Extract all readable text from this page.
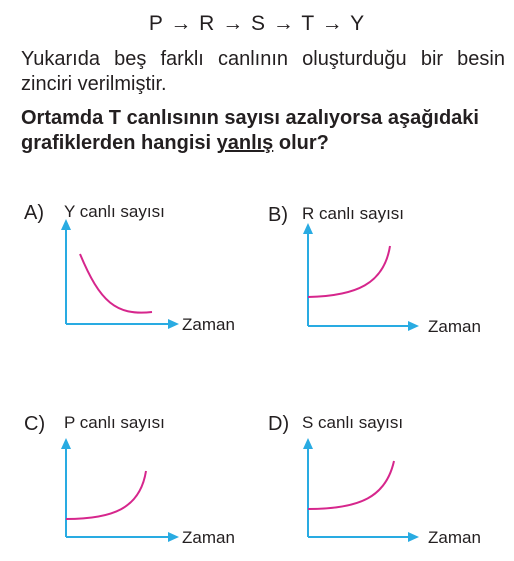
P → R → S → T → Y
Yukarıda beş farklı canlının oluşturduğu bir besin zinciri verilmiştir.
Ortamda T canlısının sayısı azalıyorsa aşağıdaki grafiklerden hangisi yanlış olur?
A) Y canlı sayısı
Zaman
B) R canlı sayısı
Zaman
C) P canlı sayısı
Zaman
D) S canlı sayısı
Zaman
